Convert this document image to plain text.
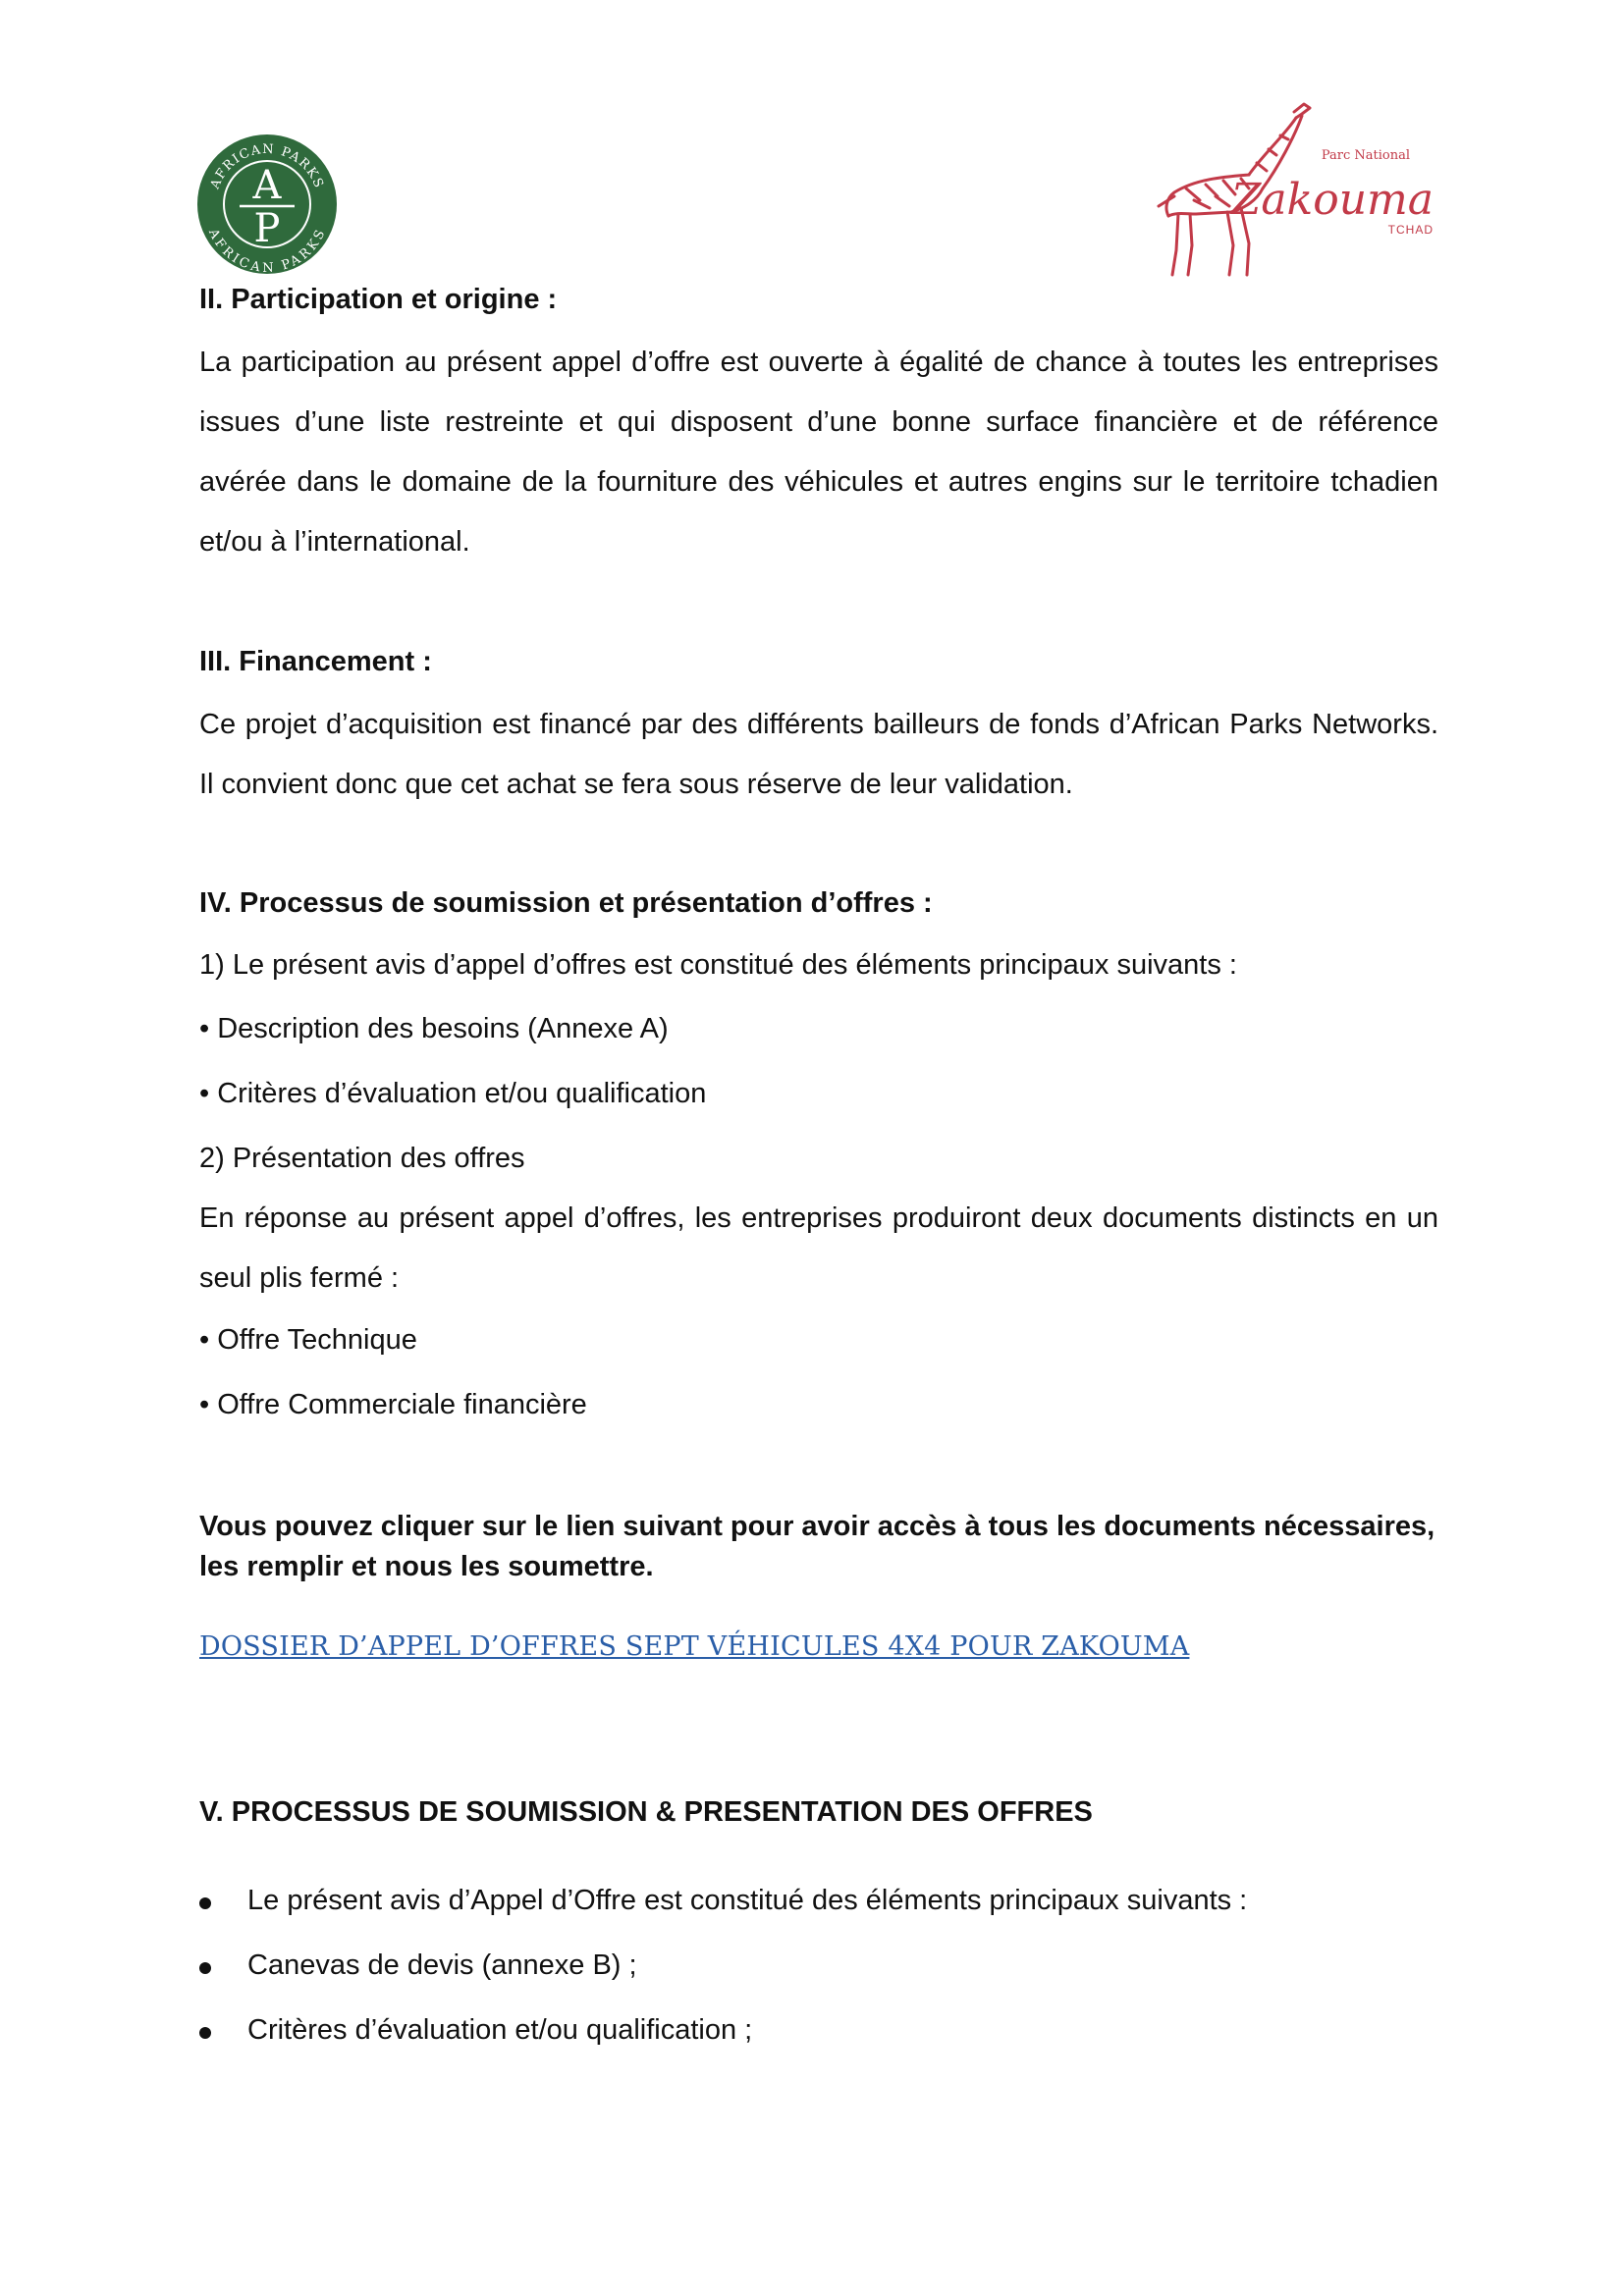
A
P
AFRICAN PARKS
AFRICAN PARKS
Parc National
Zakouma
TCHAD
II. Participation et origine :
La participation au présent appel d’offre est ouverte à égalité de chance à toutes les entreprises issues d’une liste restreinte et qui disposent d’une bonne surface financière et de référence avérée dans le domaine de la fourniture des véhicules et autres engins sur le territoire tchadien et/ou à l’international.
III. Financement :
Ce projet d’acquisition est financé par des différents bailleurs de fonds d’African Parks Networks. Il convient donc que cet achat se fera sous réserve de leur validation.
IV. Processus de soumission et présentation d’offres :
1) Le présent avis d’appel d’offres est constitué des éléments principaux suivants :
• Description des besoins (Annexe A)
• Critères d’évaluation et/ou qualification
2) Présentation des offres
En réponse au présent appel d’offres, les entreprises produiront deux documents distincts en un seul plis fermé :
• Offre Technique
• Offre Commerciale financière
Vous pouvez cliquer sur le lien suivant pour avoir accès à tous les documents nécessaires, les remplir et nous les soumettre.
DOSSIER D’APPEL D’OFFRES SEPT VÉHICULES 4X4 POUR ZAKOUMA
V. PROCESSUS DE SOUMISSION & PRESENTATION DES OFFRES
Le présent avis d’Appel d’Offre est constitué des éléments principaux suivants :
Canevas de devis (annexe B) ;
Critères d’évaluation et/ou qualification ;
